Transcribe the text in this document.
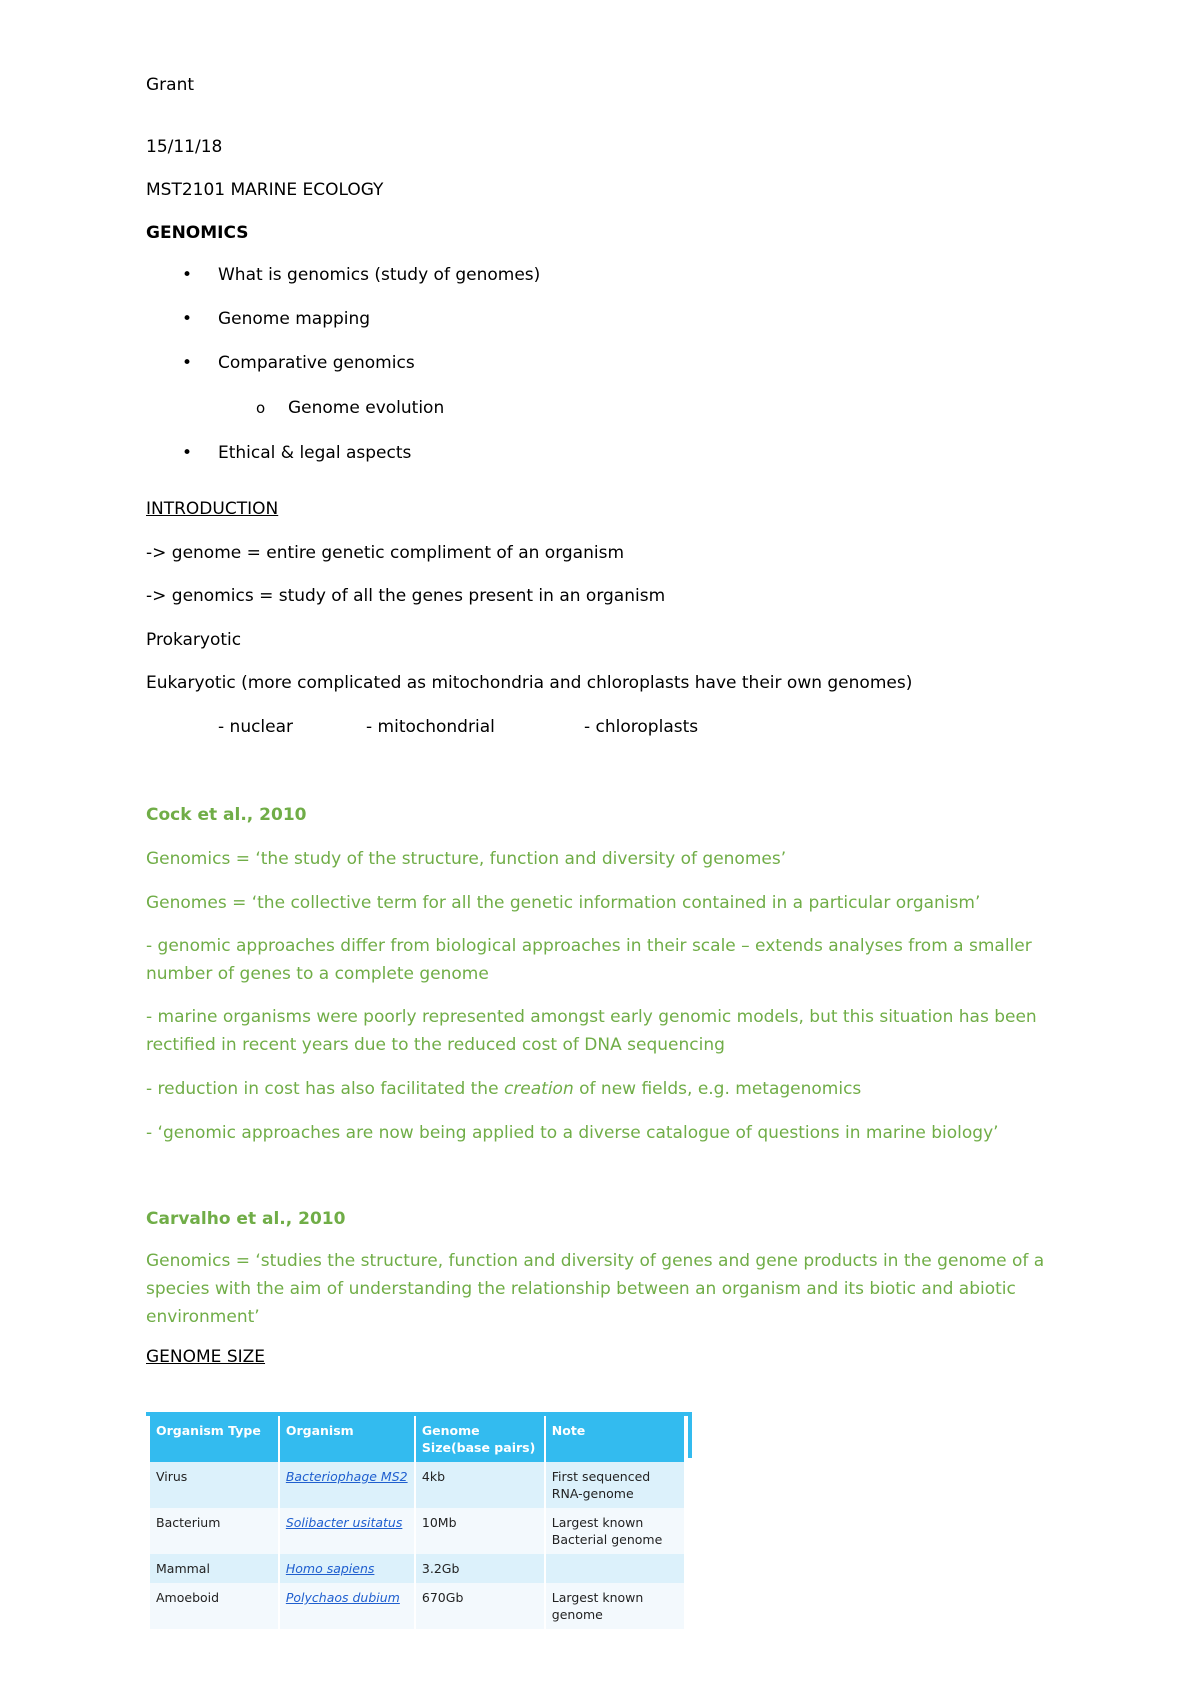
Grant
15/11/18
MST2101 MARINE ECOLOGY
GENOMICS
• What is genomics (study of genomes)
• Genome mapping
• Comparative genomics
o Genome evolution
• Ethical & legal aspects
INTRODUCTION
-> genome = entire genetic compliment of an organism
-> genomics = study of all the genes present in an organism
Prokaryotic
Eukaryotic (more complicated as mitochondria and chloroplasts have their own genomes)
- nuclear	- mitochondrial	- chloroplasts
Cock et al., 2010
Genomics = ‘the study of the structure, function and diversity of genomes’
Genomes = ‘the collective term for all the genetic information contained in a particular organism’
- genomic approaches differ from biological approaches in their scale – extends analyses from a smaller number of genes to a complete genome
- marine organisms were poorly represented amongst early genomic models, but this situation has been rectified in recent years due to the reduced cost of DNA sequencing
- reduction in cost has also facilitated the creation of new fields, e.g. metagenomics
- ‘genomic approaches are now being applied to a diverse catalogue of questions in marine biology’
Carvalho et al., 2010
Genomics = ‘studies the structure, function and diversity of genes and gene products in the genome of a species with the aim of understanding the relationship between an organism and its biotic and abiotic environment’
GENOME SIZE
Organism Type	Organism	Genome Size(base pairs)	Note
Virus	Bacteriophage MS2	4kb	First sequenced RNA-genome
Bacterium	Solibacter usitatus	10Mb	Largest known Bacterial genome
Mammal	Homo sapiens	3.2Gb	
Amoeboid	Polychaos dubium	670Gb	Largest known genome
